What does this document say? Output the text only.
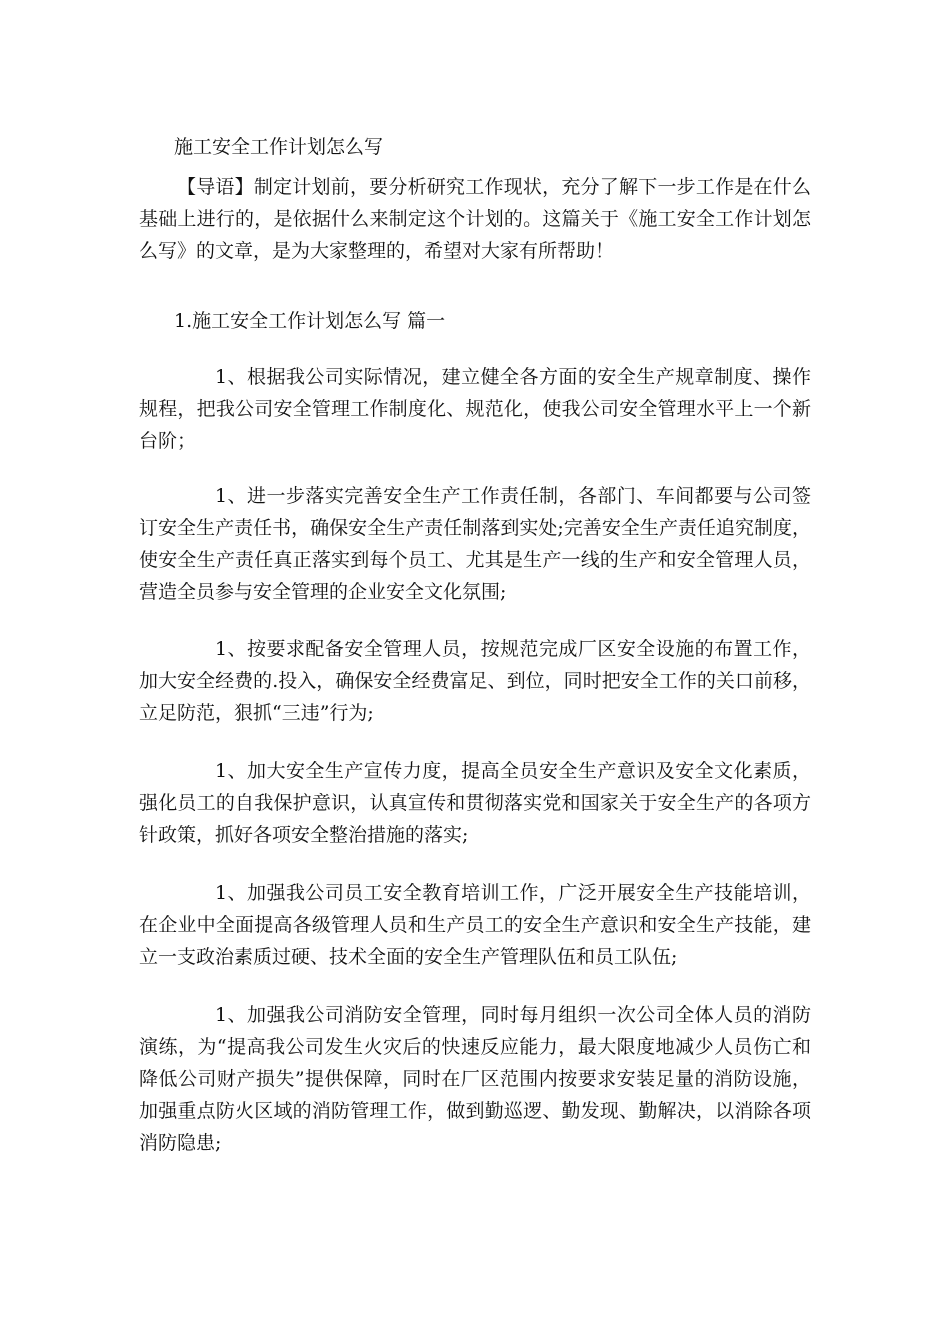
施工安全工作计划怎么写

【导语】制定计划前，要分析研究工作现状，充分了解下一步工作是在什么基础上进行的，是依据什么来制定这个计划的。这篇关于《施工安全工作计划怎么写》的文章，是为大家整理的，希望对大家有所帮助！

1.施工安全工作计划怎么写 篇一

1、根据我公司实际情况，建立健全各方面的安全生产规章制度、操作规程，把我公司安全管理工作制度化、规范化，使我公司安全管理水平上一个新台阶；

1、进一步落实完善安全生产工作责任制，各部门、车间都要与公司签订安全生产责任书，确保安全生产责任制落到实处;完善安全生产责任追究制度，使安全生产责任真正落实到每个员工、尤其是生产一线的生产和安全管理人员，营造全员参与安全管理的企业安全文化氛围;

1、按要求配备安全管理人员，按规范完成厂区安全设施的布置工作，加大安全经费的.投入，确保安全经费富足、到位，同时把安全工作的关口前移，立足防范，狠抓“三违”行为;

1、加大安全生产宣传力度，提高全员安全生产意识及安全文化素质，强化员工的自我保护意识，认真宣传和贯彻落实党和国家关于安全生产的各项方针政策，抓好各项安全整治措施的落实;

1、加强我公司员工安全教育培训工作，广泛开展安全生产技能培训，在企业中全面提高各级管理人员和生产员工的安全生产意识和安全生产技能，建立一支政治素质过硬、技术全面的安全生产管理队伍和员工队伍;

1、加强我公司消防安全管理，同时每月组织一次公司全体人员的消防演练，为“提高我公司发生火灾后的快速反应能力，最大限度地减少人员伤亡和降低公司财产损失”提供保障，同时在厂区范围内按要求安装足量的消防设施，加强重点防火区域的消防管理工作，做到勤巡逻、勤发现、勤解决，以消除各项消防隐患;
